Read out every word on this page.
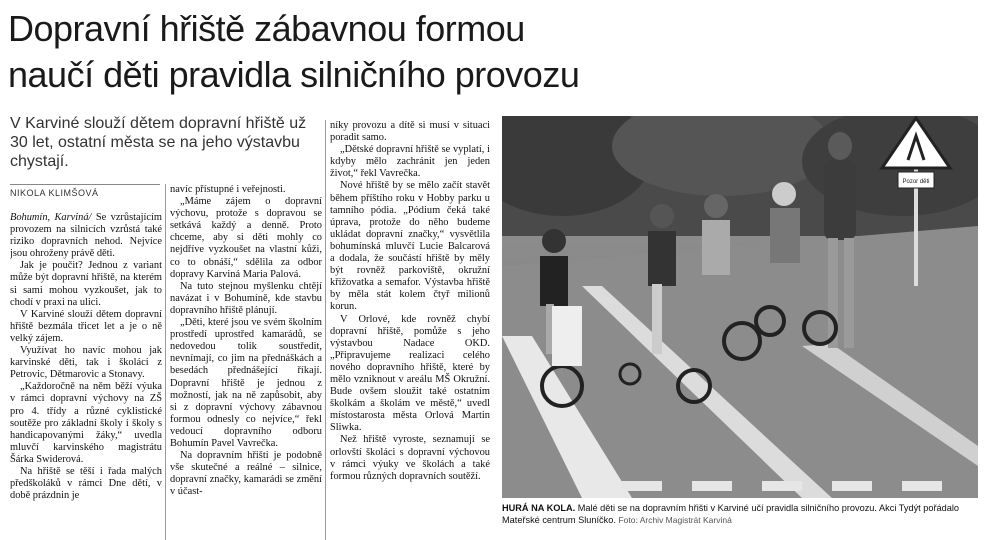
Dopravní hřiště zábavnou formou
naučí děti pravidla silničního provozu
V Karviné slouží dětem dopravní hřiště už 30 let, ostatní města se na jeho výstavbu chystají.
NIKOLA KLIMŠOVÁ

Bohumín, Karviná/ Se vzrůstajícím provozem na silnicích vzrůstá také riziko dopravních nehod. Nejvíce jsou ohroženy právě děti.

Jak je poučit? Jednou z variant může být dopravní hřiště, na kterém si sami mohou vyzkoušet, jak to chodí v praxi na ulici.

V Karviné slouží dětem dopravní hřiště bezmála třicet let a je o ně velký zájem.

Využívat ho navíc mohou jak karvinské děti, tak i školáci z Petrovic, Dětmarovic a Stonavy.

„Každoročně na něm běží výuka v rámci dopravní výchovy na ZŠ pro 4. třídy a různé cyklistické soutěže pro základní školy i školy s handicapovanými žáky,“ uvedla mluvčí karvinského magistrátu Šárka Swiderová.

Na hřiště se těší i řada malých předškoláků v rámci Dne dětí, v době prázdnin je

navíc přístupné i veřejnosti.

„Máme zájem o dopravní výchovu, protože s dopravou se setkává každý a denně. Proto chceme, aby si děti mohly co nejdříve vyzkoušet na vlastní kůži, co to obnáší,“ sdělila za odbor dopravy Karviná Maria Palová.

Na tuto stejnou myšlenku chtějí navázat i v Bohumíně, kde stavbu dopravního hřiště plánují.

„Děti, které jsou ve svém školním prostředí uprostřed kamarádů, se nedovedou tolik soustředit, nevnímají, co jim na přednáškách a besedách přednášející říkají. Dopravní hřiště je jednou z možností, jak na ně zapůsobit, aby si z dopravní výchovy zábavnou formou odnesly co nejvíce,“ řekl vedoucí dopravního odboru Bohumín Pavel Vavrečka.

Na dopravním hřišti je podobně vše skutečné a reálné – silnice, dopravní značky, kamarádi se změní v účast-

níky provozu a dítě si musí v situaci poradit samo.

„Dětské dopravní hřiště se vyplatí, i kdyby mělo zachránit jen jeden život,“ řekl Vavrečka.

Nové hřiště by se mělo začít stavět během příštího roku v Hobby parku u tamního pódia. „Pódium čeká také úprava, protože do něho budeme ukládat dopravní značky,“ vysvětlila bohumínská mluvčí Lucie Balcarová a dodala, že součástí hřiště by měly být rovněž parkoviště, okružní křižovatka a semafor. Výstavba hřiště by měla stát kolem čtyř milionů korun.

V Orlové, kde rovněž chybí dopravní hřiště, pomůže s jeho výstavbou Nadace OKD. „Připravujeme realizaci celého nového dopravního hřiště, které by mělo vzniknout v areálu MŠ Okružní. Bude ovšem sloužit také ostatním školkám a školám ve městě,“ uvedl místostarosta města Orlová Martin Sliwka.

Než hřiště vyroste, seznamují se orlovští školáci s dopravní výchovou v rámci výuky ve školách a také formou různých dopravních soutěží.

Pozor děti
HURÁ NA KOLA. Malé děti se na dopravním hřišti v Karviné učí pravidla silničního provozu. Akci Tydýt pořádalo Mateřské centrum Sluníčko. Foto: Archiv Magistrát Karviná
